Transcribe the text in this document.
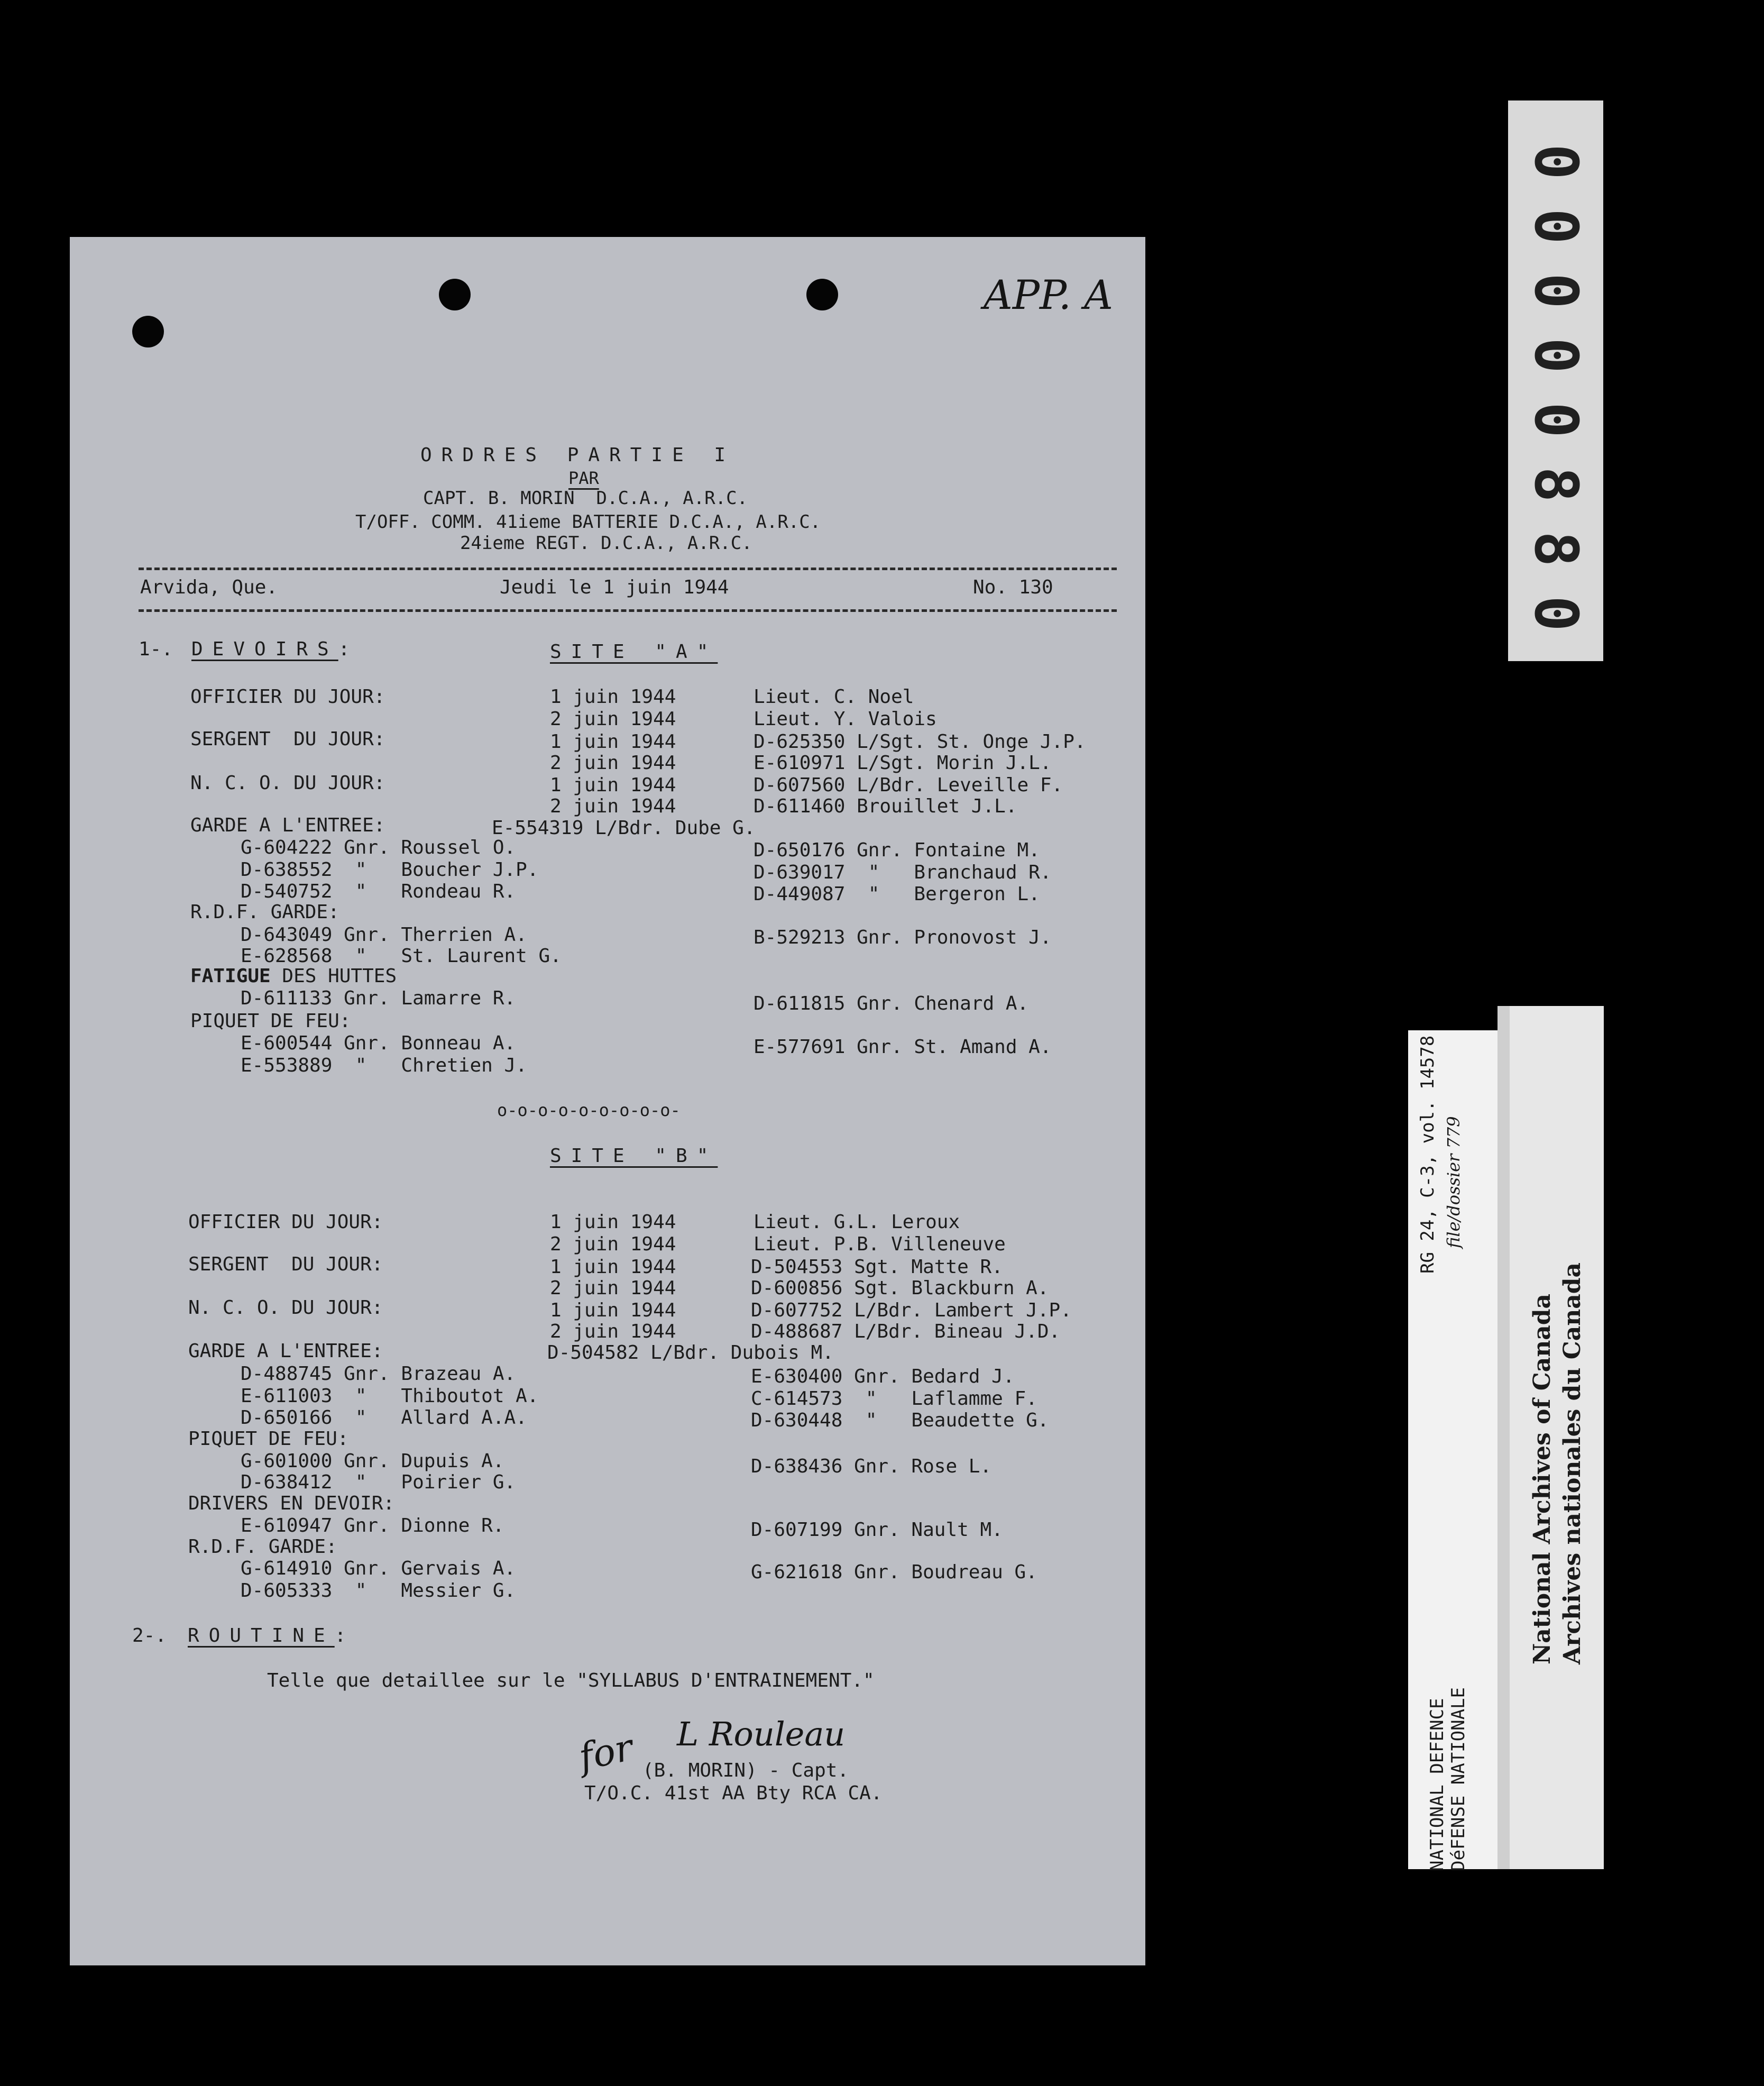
APP. A
ORDRES PARTIE I
PAR
CAPT. B. MORIN  D.C.A., A.R.C.
T/OFF. COMM. 41ieme BATTERIE D.C.A., A.R.C.
24ieme REGT. D.C.A., A.R.C.
Arvida, Que.	Jeudi le 1 juin 1944	No. 130
1-. DEVOIRS:	SITE "A"
OFFICIER DU JOUR:	1 juin 1944	Lieut. C. Noel
2 juin 1944	Lieut. Y. Valois
SERGENT  DU JOUR:	1 juin 1944	D-625350 L/Sgt. St. Onge J.P.
2 juin 1944	E-610971 L/Sgt. Morin J.L.
N. C. O. DU JOUR:	1 juin 1944	D-607560 L/Bdr. Leveille F.
2 juin 1944	D-611460 Brouillet J.L.
GARDE A L'ENTREE:	E-554319 L/Bdr. Dube G.
G-604222 Gnr. Roussel O.	D-650176 Gnr. Fontaine M.
D-638552  "   Boucher J.P.	D-639017  "   Branchaud R.
D-540752  "   Rondeau R.	D-449087  "   Bergeron L.
R.D.F. GARDE:
D-643049 Gnr. Therrien A.	B-529213 Gnr. Pronovost J.
E-628568  "   St. Laurent G.
FATIGUE DES HUTTES
D-611133 Gnr. Lamarre R.	D-611815 Gnr. Chenard A.
PIQUET DE FEU:
E-600544 Gnr. Bonneau A.	E-577691 Gnr. St. Amand A.
E-553889  "   Chretien J.
o-o-o-o-o-o-o-o-o-
SITE "B"
OFFICIER DU JOUR:	1 juin 1944	Lieut. G.L. Leroux
2 juin 1944	Lieut. P.B. Villeneuve
SERGENT  DU JOUR:	1 juin 1944	D-504553 Sgt. Matte R.
2 juin 1944	D-600856 Sgt. Blackburn A.
N. C. O. DU JOUR:	1 juin 1944	D-607752 L/Bdr. Lambert J.P.
2 juin 1944	D-488687 L/Bdr. Bineau J.D.
GARDE A L'ENTREE:	D-504582 L/Bdr. Dubois M.
D-488745 Gnr. Brazeau A.	E-630400 Gnr. Bedard J.
E-611003  "   Thiboutot A.	C-614573  "   Laflamme F.
D-650166  "   Allard A.A.	D-630448  "   Beaudette G.
PIQUET DE FEU:
G-601000 Gnr. Dupuis A.	D-638436 Gnr. Rose L.
D-638412  "   Poirier G.
DRIVERS EN DEVOIR:
E-610947 Gnr. Dionne R.	D-607199 Gnr. Nault M.
R.D.F. GARDE:
G-614910 Gnr. Gervais A.	G-621618 Gnr. Boudreau G.
D-605333  "   Messier G.
2-. ROUTINE:
Telle que detaillee sur le "SYLLABUS D'ENTRAINEMENT."
for L Rouleau
(B. MORIN) - Capt.
T/O.C. 41st AA Bty RCA CA.
0
0
0
0
0
8
8
0
RG 24, C-3, vol. 14578 file/dossier 779
NATIONAL DEFENCE DéFENSE NATIONALE
National Archives of Canada Archives nationales du Canada
